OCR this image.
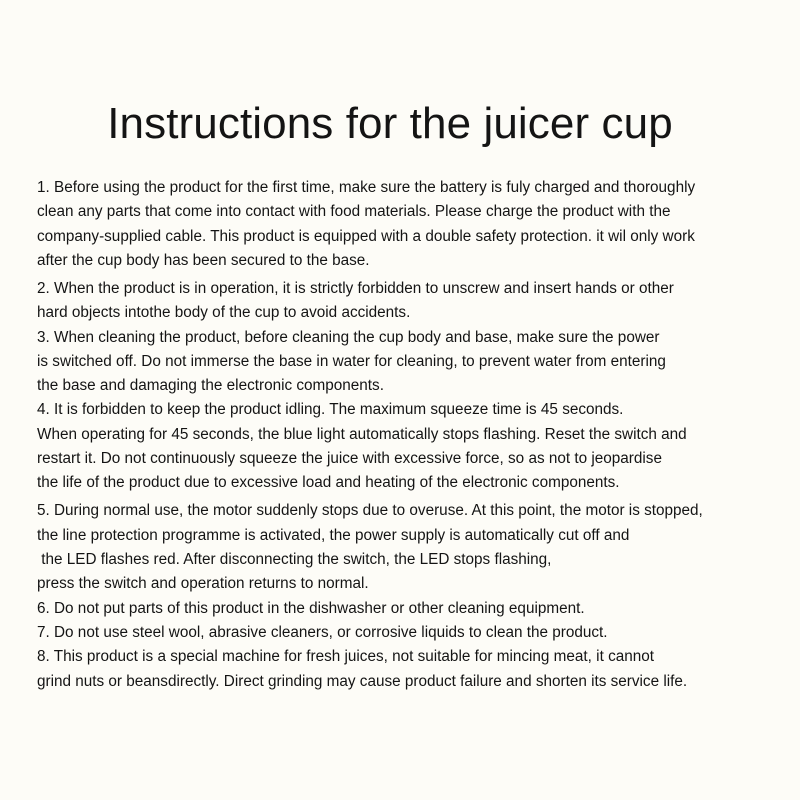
Instructions for the juicer cup
1. Before using the product for the first time, make sure the battery is fuly charged and thoroughly
clean any parts that come into contact with food materials. Please charge the product with the
company-supplied cable. This product is equipped with a double safety protection. it wil only work
after the cup body has been secured to the base.
2. When the product is in operation, it is strictly forbidden to unscrew and insert hands or other
hard objects intothe body of the cup to avoid accidents.
3. When cleaning the product, before cleaning the cup body and base, make sure the power
is switched off. Do not immerse the base in water for cleaning, to prevent water from entering
the base and damaging the electronic components.
4. It is forbidden to keep the product idling. The maximum squeeze time is 45 seconds.
When operating for 45 seconds, the blue light automatically stops flashing. Reset the switch and
restart it. Do not continuously squeeze the juice with excessive force, so as not to jeopardise
the life of the product due to excessive load and heating of the electronic components.
5. During normal use, the motor suddenly stops due to overuse. At this point, the motor is stopped,
the line protection programme is activated, the power supply is automatically cut off and
the LED flashes red. After disconnecting the switch, the LED stops flashing,
press the switch and operation returns to normal.
6. Do not put parts of this product in the dishwasher or other cleaning equipment.
7. Do not use steel wool, abrasive cleaners, or corrosive liquids to clean the product.
8. This product is a special machine for fresh juices, not suitable for mincing meat, it cannot
grind nuts or beansdirectly. Direct grinding may cause product failure and shorten its service life.
